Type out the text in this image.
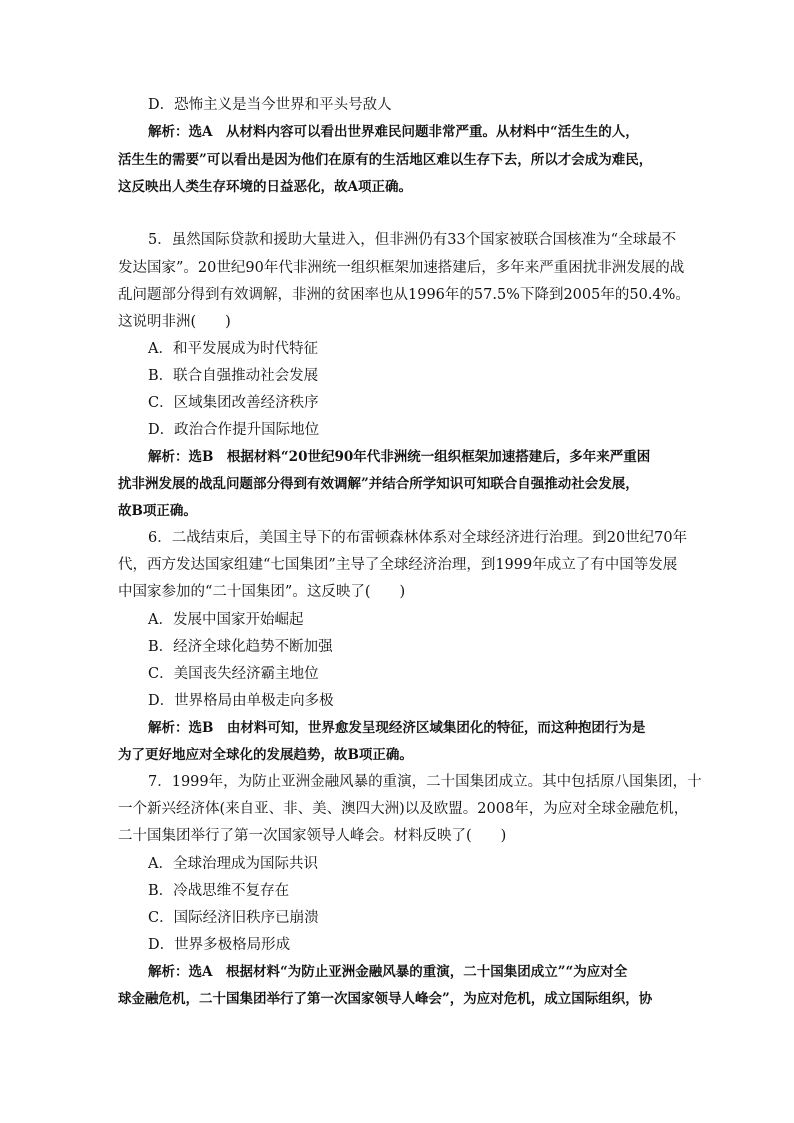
D．恐怖主义是当今世界和平头号敌人
解析：选A　从材料内容可以看出世界难民问题非常严重。从材料中“活生生的人，
活生生的需要”可以看出是因为他们在原有的生活地区难以生存下去，所以才会成为难民，
这反映出人类生存环境的日益恶化，故A项正确。
5．虽然国际贷款和援助大量进入，但非洲仍有33个国家被联合国核准为“全球最不
发达国家”。20世纪90年代非洲统一组织框架加速搭建后，多年来严重困扰非洲发展的战
乱问题部分得到有效调解，非洲的贫困率也从1996年的57.5%下降到2005年的50.4%。
这说明非洲(　　)
A．和平发展成为时代特征
B．联合自强推动社会发展
C．区域集团改善经济秩序
D．政治合作提升国际地位
解析：选B　根据材料“20世纪90年代非洲统一组织框架加速搭建后，多年来严重困
扰非洲发展的战乱问题部分得到有效调解”并结合所学知识可知联合自强推动社会发展，
故B项正确。
6．二战结束后，美国主导下的布雷顿森林体系对全球经济进行治理。到20世纪70年
代，西方发达国家组建“七国集团”主导了全球经济治理，到1999年成立了有中国等发展
中国家参加的“二十国集团”。这反映了(　　)
A．发展中国家开始崛起
B．经济全球化趋势不断加强
C．美国丧失经济霸主地位
D．世界格局由单极走向多极
解析：选B　由材料可知，世界愈发呈现经济区域集团化的特征，而这种抱团行为是
为了更好地应对全球化的发展趋势，故B项正确。
7．1999年，为防止亚洲金融风暴的重演，二十国集团成立。其中包括原八国集团，十
一个新兴经济体(来自亚、非、美、澳四大洲)以及欧盟。2008年，为应对全球金融危机，
二十国集团举行了第一次国家领导人峰会。材料反映了(　　)
A．全球治理成为国际共识
B．冷战思维不复存在
C．国际经济旧秩序已崩溃
D．世界多极格局形成
解析：选A　根据材料“为防止亚洲金融风暴的重演，二十国集团成立”“为应对全
球金融危机，二十国集团举行了第一次国家领导人峰会”，为应对危机，成立国际组织，协
